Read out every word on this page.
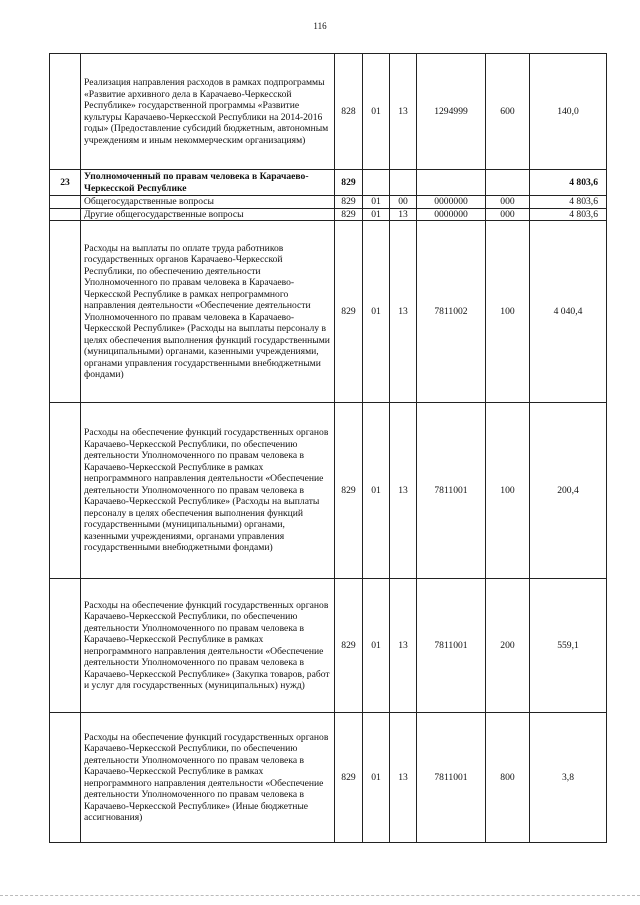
116
	Реализация направления расходов в рамках подпрограммы «Развитие архивного дела в Карачаево-Черкесской Республике» государственной программы «Развитие культуры Карачаево-Черкесской Республики на 2014-2016 годы» (Предоставление субсидий бюджетным, автономным учреждениям и иным некоммерческим организациям)	828	01	13	1294999	600	140,0
23	Уполномоченный по правам человека в Карачаево-Черкесской Республике	829					4 803,6
	Общегосударственные вопросы	829	01	00	0000000	000	4 803,6
	Другие общегосударственные вопросы	829	01	13	0000000	000	4 803,6
	Расходы на выплаты по оплате труда работников государственных органов Карачаево-Черкесской Республики, по обеспечению деятельности Уполномоченного по правам человека в Карачаево-Черкесской Республике в рамках непрограммного направления деятельности «Обеспечение деятельности Уполномоченного по правам человека в Карачаево-Черкесской Республике» (Расходы на выплаты персоналу в целях обеспечения выполнения функций государственными (муниципальными) органами, казенными учреждениями, органами управления государственными внебюджетными фондами)	829	01	13	7811002	100	4 040,4
	Расходы на обеспечение функций государственных органов Карачаево-Черкесской Республики, по обеспечению деятельности Уполномоченного по правам человека в Карачаево-Черкесской Республике в рамках непрограммного направления деятельности «Обеспечение деятельности Уполномоченного по правам человека в Карачаево-Черкесской Республике» (Расходы на выплаты персоналу в целях обеспечения выполнения функций государственными (муниципальными) органами, казенными учреждениями, органами управления государственными внебюджетными фондами)	829	01	13	7811001	100	200,4
	Расходы на обеспечение функций государственных органов Карачаево-Черкесской Республики, по обеспечению деятельности Уполномоченного по правам человека в Карачаево-Черкесской Республике в рамках непрограммного направления деятельности «Обеспечение деятельности Уполномоченного по правам человека в Карачаево-Черкесской Республике» (Закупка товаров, работ и услуг для государственных (муниципальных) нужд)	829	01	13	7811001	200	559,1
	Расходы на обеспечение функций государственных органов Карачаево-Черкесской Республики, по обеспечению деятельности Уполномоченного по правам человека в Карачаево-Черкесской Республике в рамках непрограммного направления деятельности «Обеспечение деятельности Уполномоченного по правам человека в Карачаево-Черкесской Республике» (Иные бюджетные ассигнования)	829	01	13	7811001	800	3,8
